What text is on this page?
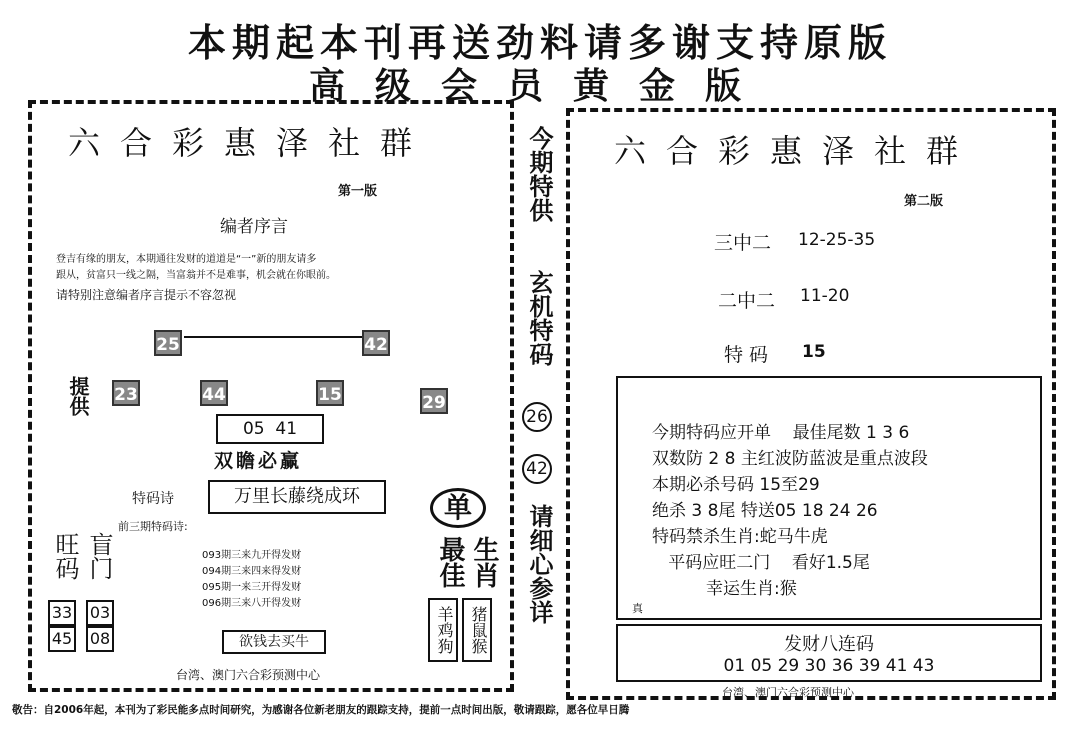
本期起本刊再送劲料请多谢支持原版
高级会员黄金版
六合彩惠泽社群
第一版
编者序言
登吉有缘的朋友，本期通往发财的道道是“一”新的朋友请多
跟从，贫富只一线之隔，当富翁并不是难事，机会就在你眼前。
请特别注意编者序言提示不容忽视
25	42
提供 23	44	15	29
05  41
双瞻必赢
特码诗	万里长藤绕成环
前三期特码诗:
093期三来九开得发财
094期三来四来得发财
095期一来三开得发财
096期三来八开得发财
旺码 盲门
33
45
03
08	欲钱去买牛
台湾、澳门六合彩预测中心
单
最佳 生肖
羊鸡狗 猪鼠猴
今期特供
玄机特码
26
42
请细心参详
六合彩惠泽社群
第二版
三中二 12-25-35
二中二 11-20
特 码 15
今期特码应开单    最佳尾数 1 3 6
双数防 2 8 主红波防蓝波是重点波段
本期必杀号码 15至29
绝杀 3 8尾 特送05 18 24 26
特码禁杀生肖:蛇马牛虎
平码应旺二门    看好1.5尾
幸运生肖:猴
真
发财八连码
01 05 29 30 36 39 41 43
台湾、澳门六合彩预测中心
敬告：自2006年起，本刊为了彩民能多点时间研究，为感谢各位新老朋友的跟踪支持，提前一点时间出版，敬请跟踪，愿各位早日腾
